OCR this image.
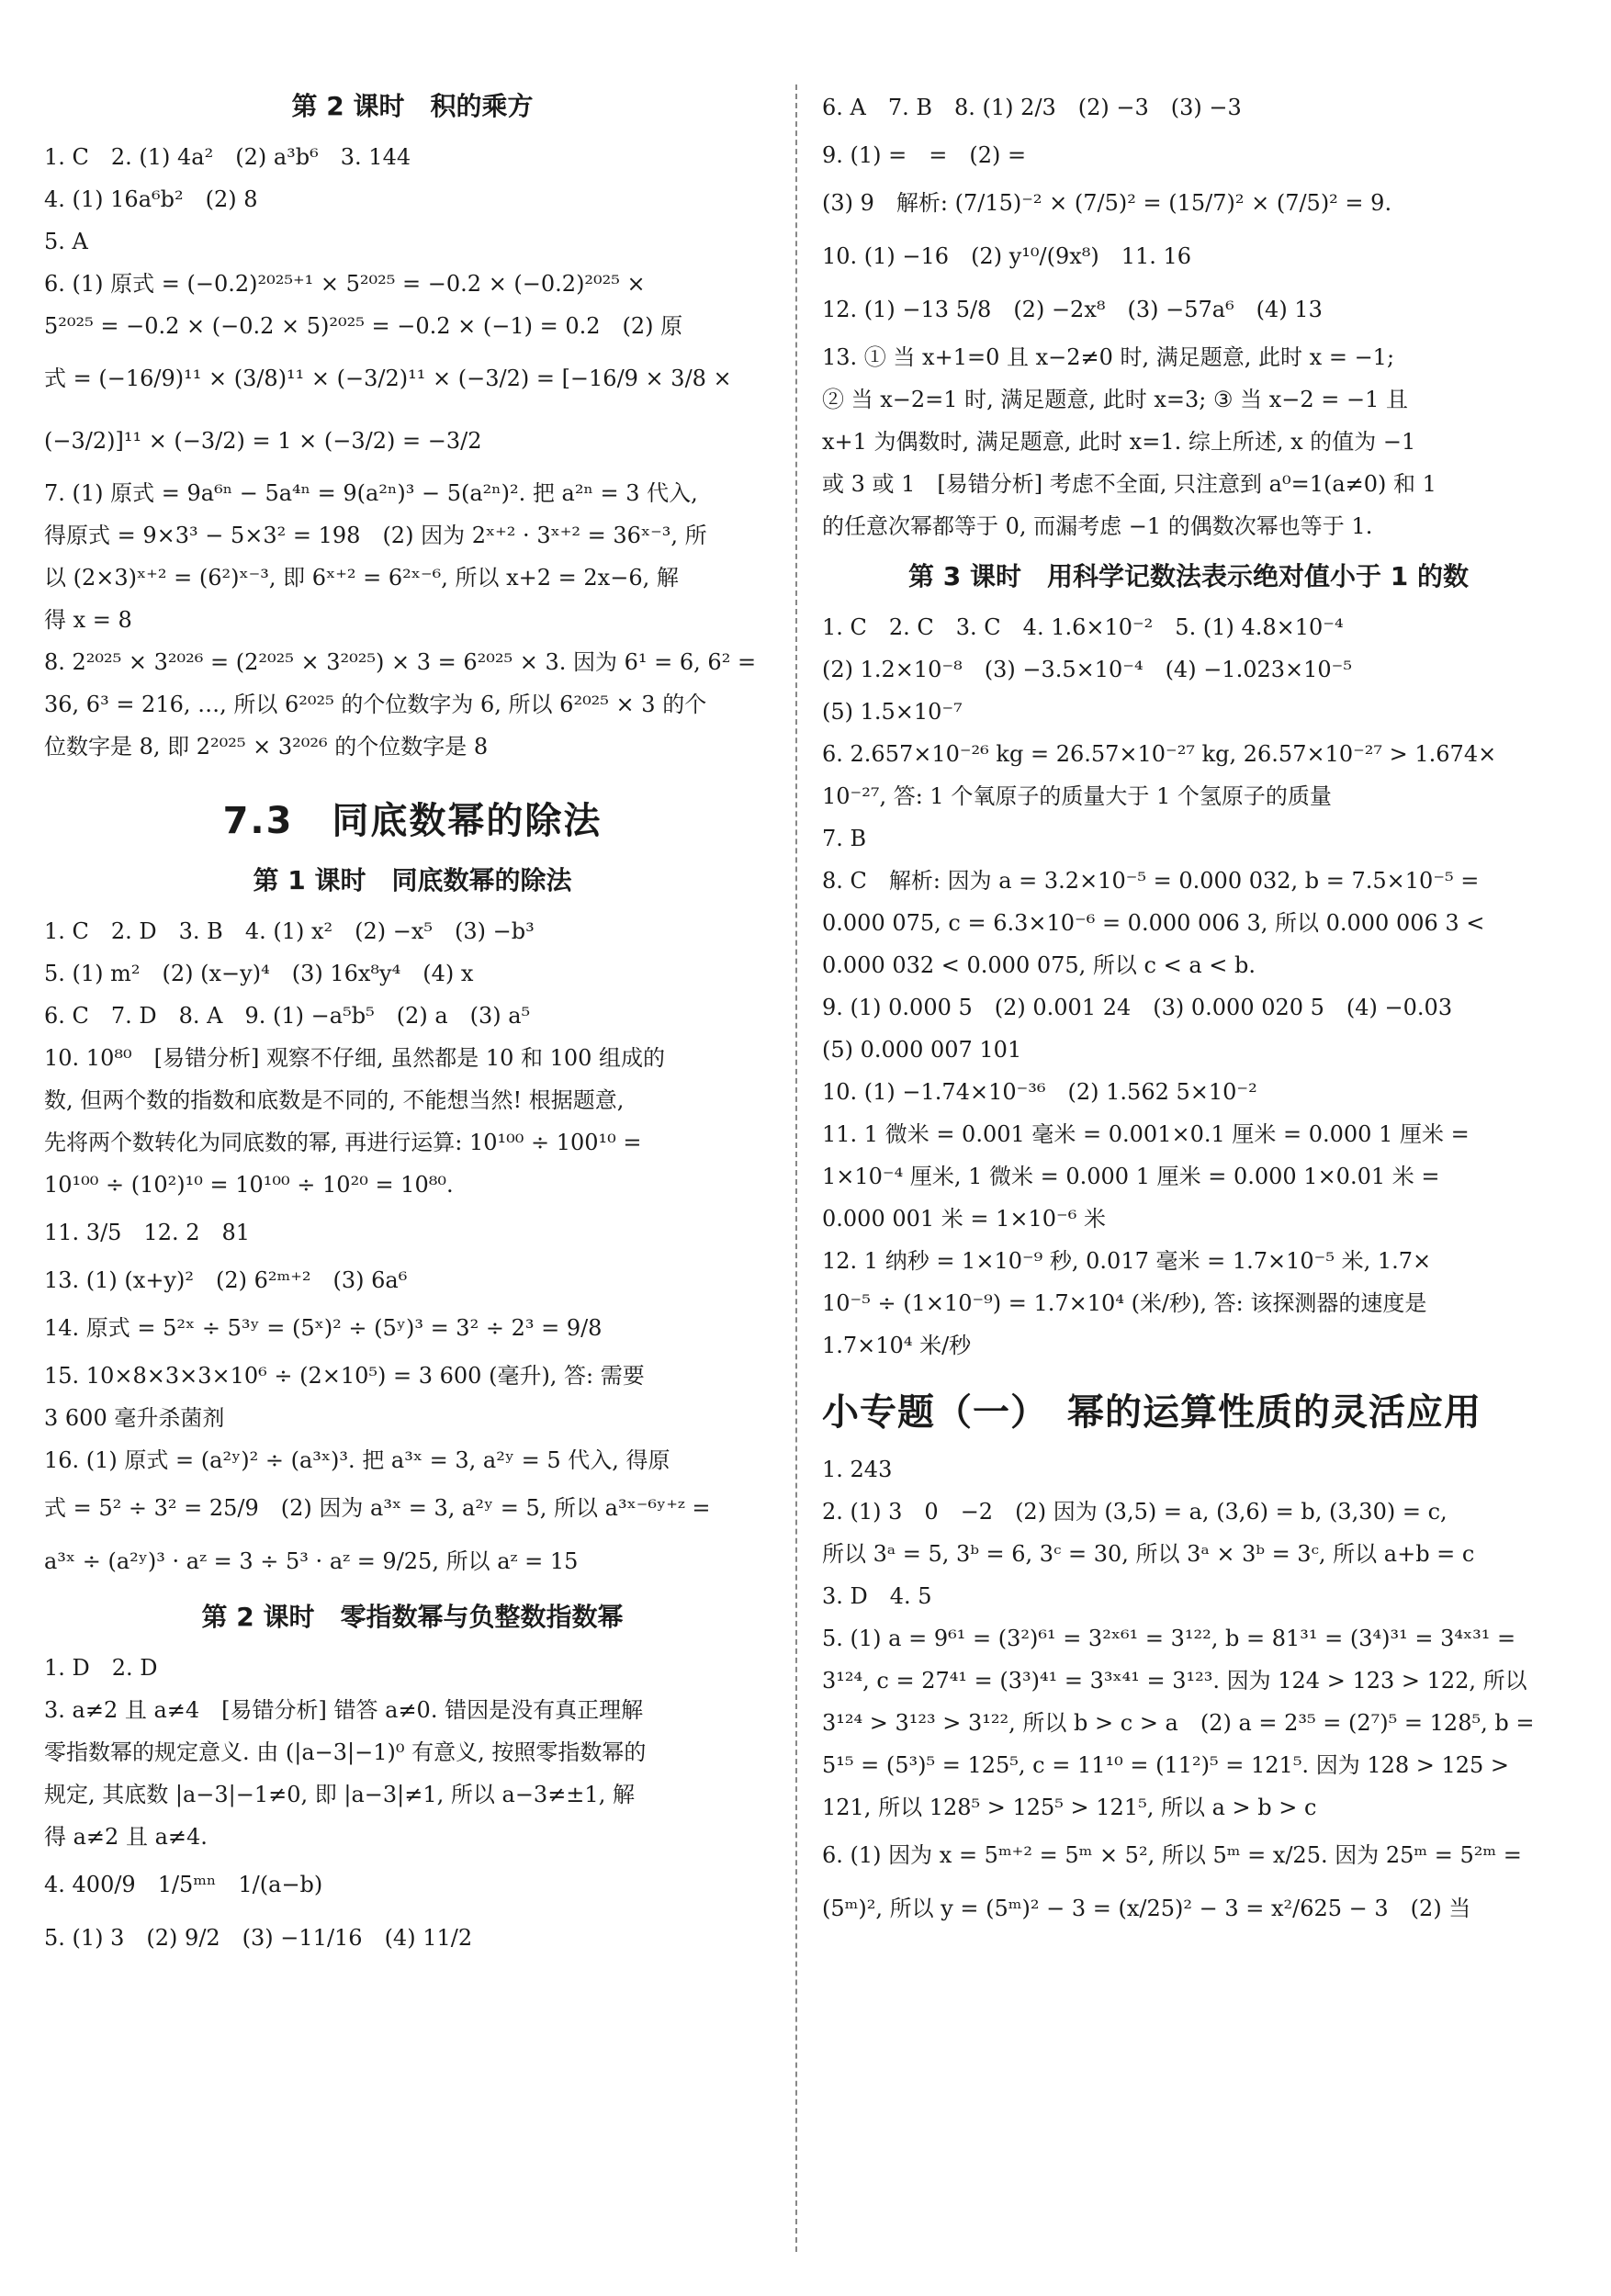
第 2 课时　积的乘方

1. C　2. (1) 4a²　(2) a³b⁶　3. 144

4. (1) 16a⁶b²　(2) 8

5. A

6. (1) 原式 = (−0.2)²⁰²⁵⁺¹ × 5²⁰²⁵ = −0.2 × (−0.2)²⁰²⁵ ×

5²⁰²⁵ = −0.2 × (−0.2 × 5)²⁰²⁵ = −0.2 × (−1) = 0.2　(2) 原

式 = (−16/9)¹¹ × (3/8)¹¹ × (−3/2)¹¹ × (−3/2) = [−16/9 × 3/8 ×

(−3/2)]¹¹ × (−3/2) = 1 × (−3/2) = −3/2

7. (1) 原式 = 9a⁶ⁿ − 5a⁴ⁿ = 9(a²ⁿ)³ − 5(a²ⁿ)². 把 a²ⁿ = 3 代入,

得原式 = 9×3³ − 5×3² = 198　(2) 因为 2ˣ⁺² · 3ˣ⁺² = 36ˣ⁻³, 所

以 (2×3)ˣ⁺² = (6²)ˣ⁻³, 即 6ˣ⁺² = 6²ˣ⁻⁶, 所以 x+2 = 2x−6, 解

得 x = 8

8. 2²⁰²⁵ × 3²⁰²⁶ = (2²⁰²⁵ × 3²⁰²⁵) × 3 = 6²⁰²⁵ × 3. 因为 6¹ = 6, 6² =

36, 6³ = 216, …, 所以 6²⁰²⁵ 的个位数字为 6, 所以 6²⁰²⁵ × 3 的个

位数字是 8, 即 2²⁰²⁵ × 3²⁰²⁶ 的个位数字是 8

7.3　同底数幂的除法
第 1 课时　同底数幂的除法

1. C　2. D　3. B　4. (1) x²　(2) −x⁵　(3) −b³

5. (1) m²　(2) (x−y)⁴　(3) 16x⁸y⁴　(4) x

6. C　7. D　8. A　9. (1) −a⁵b⁵　(2) a　(3) a⁵

10. 10⁸⁰　[易错分析] 观察不仔细, 虽然都是 10 和 100 组成的

数, 但两个数的指数和底数是不同的, 不能想当然! 根据题意,

先将两个数转化为同底数的幂, 再进行运算: 10¹⁰⁰ ÷ 100¹⁰ =

10¹⁰⁰ ÷ (10²)¹⁰ = 10¹⁰⁰ ÷ 10²⁰ = 10⁸⁰.

11. 3/5　12. 2　81

13. (1) (x+y)²　(2) 6²ᵐ⁺²　(3) 6a⁶

14. 原式 = 5²ˣ ÷ 5³ʸ = (5ˣ)² ÷ (5ʸ)³ = 3² ÷ 2³ = 9/8

15. 10×8×3×3×10⁶ ÷ (2×10⁵) = 3 600 (毫升), 答: 需要

3 600 毫升杀菌剂

16. (1) 原式 = (a²ʸ)² ÷ (a³ˣ)³. 把 a³ˣ = 3, a²ʸ = 5 代入, 得原

式 = 5² ÷ 3² = 25/9　(2) 因为 a³ˣ = 3, a²ʸ = 5, 所以 a³ˣ⁻⁶ʸ⁺ᶻ =

a³ˣ ÷ (a²ʸ)³ · aᶻ = 3 ÷ 5³ · aᶻ = 9/25, 所以 aᶻ = 15

第 2 课时　零指数幂与负整数指数幂

1. D　2. D

3. a≠2 且 a≠4　[易错分析] 错答 a≠0. 错因是没有真正理解

零指数幂的规定意义. 由 (|a−3|−1)⁰ 有意义, 按照零指数幂的

规定, 其底数 |a−3|−1≠0, 即 |a−3|≠1, 所以 a−3≠±1, 解

得 a≠2 且 a≠4.

4. 400/9　1/5ᵐⁿ　1/(a−b)

5. (1) 3　(2) 9/2　(3) −11/16　(4) 11/2

6. A　7. B　8. (1) 2/3　(2) −3　(3) −3

9. (1) =　=　(2) =

(3) 9　解析: (7/15)⁻² × (7/5)² = (15/7)² × (7/5)² = 9.

10. (1) −16　(2) y¹⁰/(9x⁸)　11. 16

12. (1) −13 5/8　(2) −2x⁸　(3) −57a⁶　(4) 13

13. ① 当 x+1=0 且 x−2≠0 时, 满足题意, 此时 x = −1;

② 当 x−2=1 时, 满足题意, 此时 x=3; ③ 当 x−2 = −1 且

x+1 为偶数时, 满足题意, 此时 x=1. 综上所述, x 的值为 −1

或 3 或 1　[易错分析] 考虑不全面, 只注意到 a⁰=1(a≠0) 和 1

的任意次幂都等于 0, 而漏考虑 −1 的偶数次幂也等于 1.

第 3 课时　用科学记数法表示绝对值小于 1 的数

1. C　2. C　3. C　4. 1.6×10⁻²　5. (1) 4.8×10⁻⁴

(2) 1.2×10⁻⁸　(3) −3.5×10⁻⁴　(4) −1.023×10⁻⁵

(5) 1.5×10⁻⁷

6. 2.657×10⁻²⁶ kg = 26.57×10⁻²⁷ kg, 26.57×10⁻²⁷ > 1.674×

10⁻²⁷, 答: 1 个氧原子的质量大于 1 个氢原子的质量

7. B

8. C　解析: 因为 a = 3.2×10⁻⁵ = 0.000 032, b = 7.5×10⁻⁵ =

0.000 075, c = 6.3×10⁻⁶ = 0.000 006 3, 所以 0.000 006 3 <

0.000 032 < 0.000 075, 所以 c < a < b.

9. (1) 0.000 5　(2) 0.001 24　(3) 0.000 020 5　(4) −0.03

(5) 0.000 007 101

10. (1) −1.74×10⁻³⁶　(2) 1.562 5×10⁻²

11. 1 微米 = 0.001 毫米 = 0.001×0.1 厘米 = 0.000 1 厘米 =

1×10⁻⁴ 厘米, 1 微米 = 0.000 1 厘米 = 0.000 1×0.01 米 =

0.000 001 米 = 1×10⁻⁶ 米

12. 1 纳秒 = 1×10⁻⁹ 秒, 0.017 毫米 = 1.7×10⁻⁵ 米, 1.7×

10⁻⁵ ÷ (1×10⁻⁹) = 1.7×10⁴ (米/秒), 答: 该探测器的速度是

1.7×10⁴ 米/秒

小专题（一）　幂的运算性质的灵活应用

1. 243

2. (1) 3　0　−2　(2) 因为 (3,5) = a, (3,6) = b, (3,30) = c,

所以 3ᵃ = 5, 3ᵇ = 6, 3ᶜ = 30, 所以 3ᵃ × 3ᵇ = 3ᶜ, 所以 a+b = c

3. D　4. 5

5. (1) a = 9⁶¹ = (3²)⁶¹ = 3²ˣ⁶¹ = 3¹²², b = 81³¹ = (3⁴)³¹ = 3⁴ˣ³¹ =

3¹²⁴, c = 27⁴¹ = (3³)⁴¹ = 3³ˣ⁴¹ = 3¹²³. 因为 124 > 123 > 122, 所以

3¹²⁴ > 3¹²³ > 3¹²², 所以 b > c > a　(2) a = 2³⁵ = (2⁷)⁵ = 128⁵, b =

5¹⁵ = (5³)⁵ = 125⁵, c = 11¹⁰ = (11²)⁵ = 121⁵. 因为 128 > 125 >

121, 所以 128⁵ > 125⁵ > 121⁵, 所以 a > b > c

6. (1) 因为 x = 5ᵐ⁺² = 5ᵐ × 5², 所以 5ᵐ = x/25. 因为 25ᵐ = 5²ᵐ =

(5ᵐ)², 所以 y = (5ᵐ)² − 3 = (x/25)² − 3 = x²/625 − 3　(2) 当
